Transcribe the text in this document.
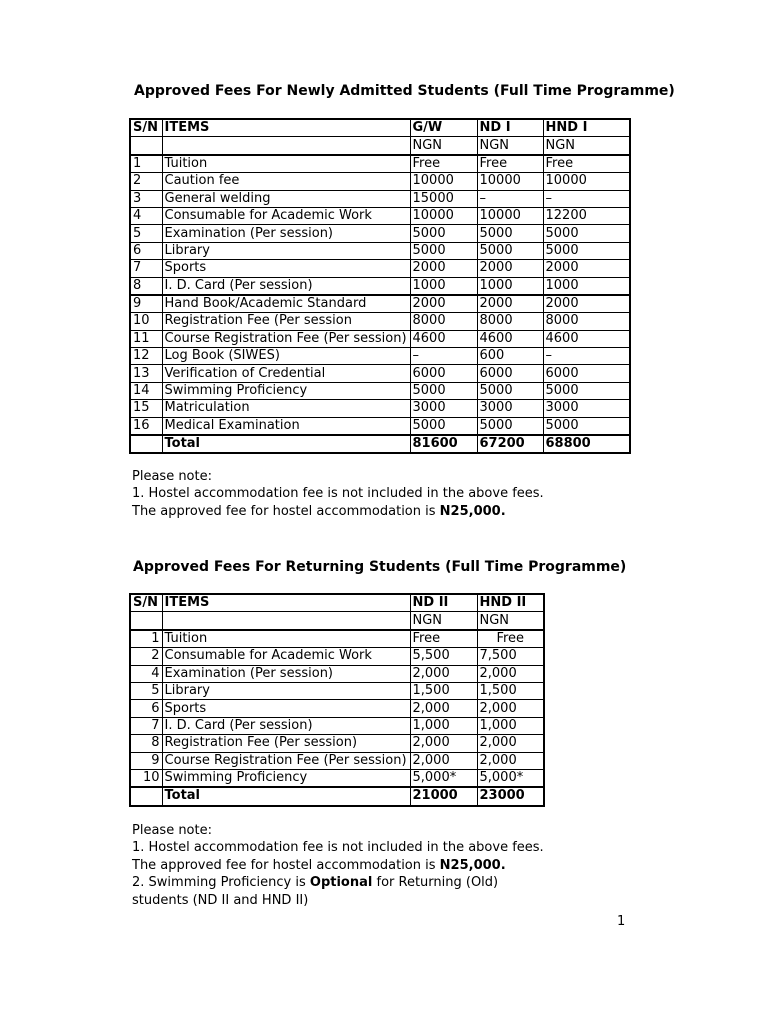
Approved Fees For Newly Admitted Students (Full Time Programme)
S/N	ITEMS	G/W	ND I	HND I
		NGN	NGN	NGN
1	Tuition	Free	Free	Free
2	Caution fee	10000	10000	10000
3	General welding	15000	–	–
4	Consumable for Academic Work	10000	10000	12200
5	Examination (Per session)	5000	5000	5000
6	Library	5000	5000	5000
7	Sports	2000	2000	2000
8	I. D. Card (Per session)	1000	1000	1000
9	Hand Book/Academic Standard	2000	2000	2000
10	Registration Fee (Per session	8000	8000	8000
11	Course Registration Fee (Per session)	4600	4600	4600
12	Log Book (SIWES)	–	600	–
13	Verification of Credential	6000	6000	6000
14	Swimming Proficiency	5000	5000	5000
15	Matriculation	3000	3000	3000
16	Medical Examination	5000	5000	5000
	Total	81600	67200	68800

Please note:

1. Hostel accommodation fee is not included in the above fees.

The approved fee for hostel accommodation is N25,000.

Approved Fees For Returning Students (Full Time Programme)
S/N	ITEMS	ND II	HND II
		NGN	NGN
1	Tuition	Free	Free
2	Consumable for Academic Work	5,500	7,500
4	Examination (Per session)	2,000	2,000
5	Library	1,500	1,500
6	Sports	2,000	2,000
7	I. D. Card (Per session)	1,000	1,000
8	Registration Fee (Per session)	2,000	2,000
9	Course Registration Fee (Per session)	2,000	2,000
10	Swimming Proficiency	5,000*	5,000*
	Total	21000	23000

Please note:

1. Hostel accommodation fee is not included in the above fees.

The approved fee for hostel accommodation is N25,000.

2. Swimming Proficiency is Optional for Returning (Old)

students (ND II and HND II)

1
